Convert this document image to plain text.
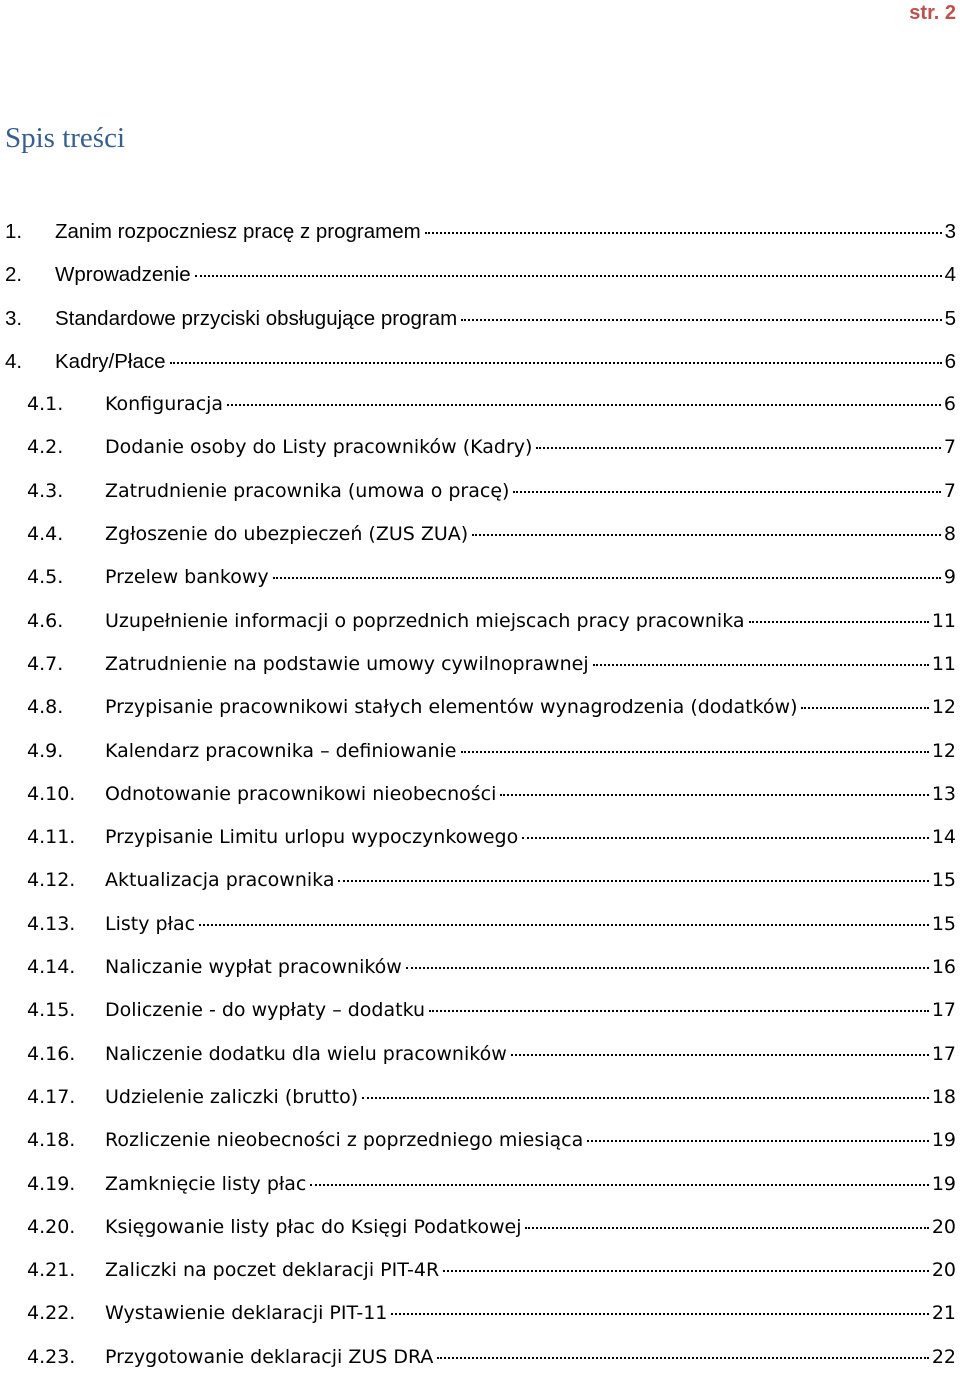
str. 2
Spis treści
1.	Zanim rozpoczniesz pracę z programem	3
2.	Wprowadzenie	4
3.	Standardowe przyciski obsługujące program	5
4.	Kadry/Płace	6
4.1.	Konfiguracja	6
4.2.	Dodanie osoby do Listy pracowników (Kadry)	7
4.3.	Zatrudnienie pracownika (umowa o pracę)	7
4.4.	Zgłoszenie do ubezpieczeń (ZUS ZUA)	8
4.5.	Przelew bankowy	9
4.6.	Uzupełnienie informacji o poprzednich miejscach pracy pracownika	11
4.7.	Zatrudnienie na podstawie umowy cywilnoprawnej	11
4.8.	Przypisanie pracownikowi stałych elementów wynagrodzenia (dodatków)	12
4.9.	Kalendarz pracownika – definiowanie	12
4.10.	Odnotowanie pracownikowi nieobecności	13
4.11.	Przypisanie Limitu urlopu wypoczynkowego	14
4.12.	Aktualizacja pracownika	15
4.13.	Listy płac	15
4.14.	Naliczanie wypłat pracowników	16
4.15.	Doliczenie - do wypłaty – dodatku	17
4.16.	Naliczenie dodatku dla wielu pracowników	17
4.17.	Udzielenie zaliczki (brutto)	18
4.18.	Rozliczenie nieobecności z poprzedniego miesiąca	19
4.19.	Zamknięcie listy płac	19
4.20.	Księgowanie listy płac do Księgi Podatkowej	20
4.21.	Zaliczki na poczet deklaracji PIT-4R	20
4.22.	Wystawienie deklaracji PIT-11	21
4.23.	Przygotowanie deklaracji ZUS DRA	22
